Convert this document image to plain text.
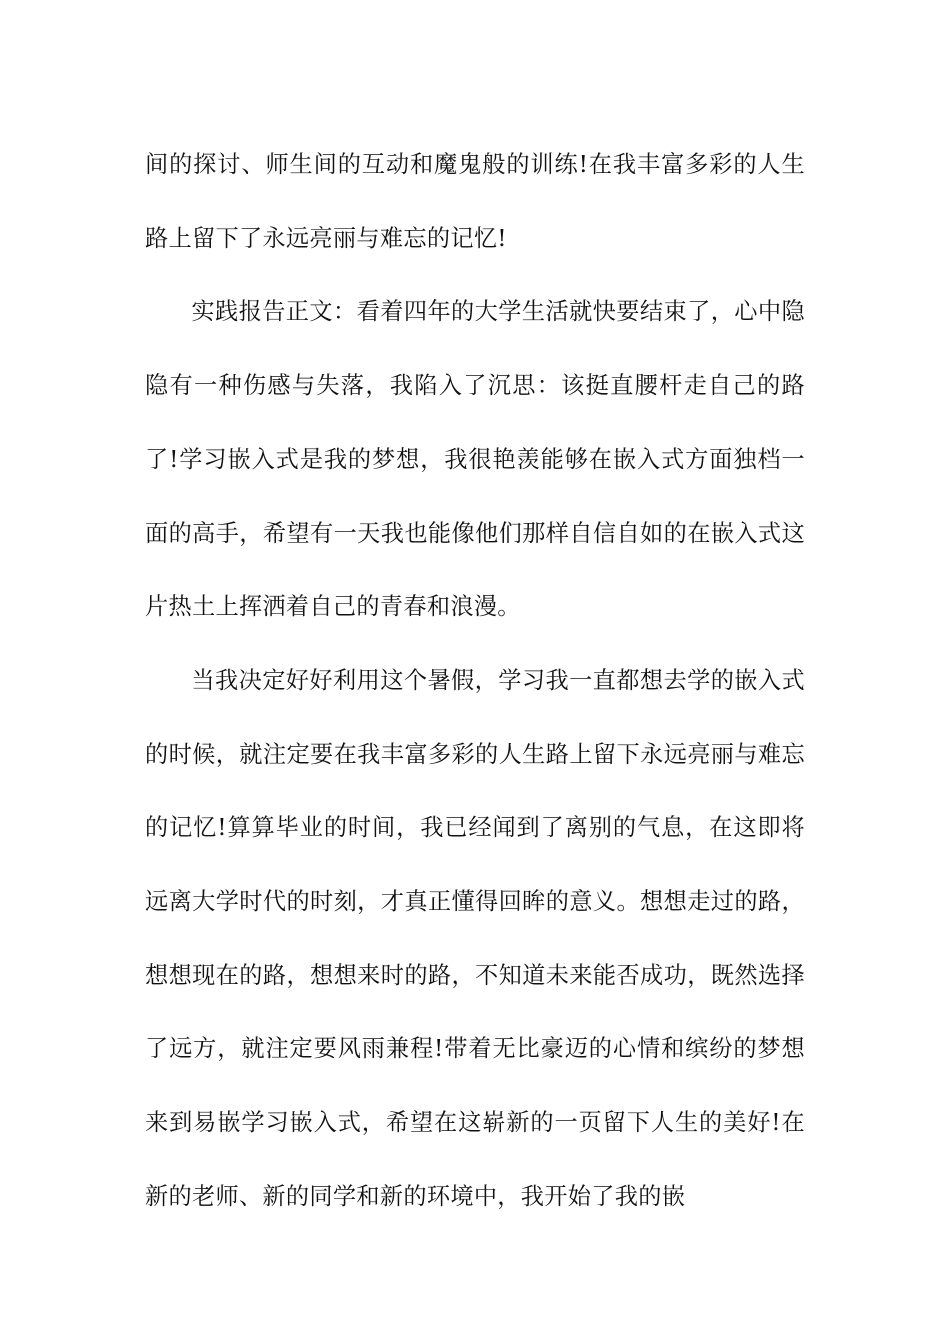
间的探讨、师生间的互动和魔鬼般的训练!在我丰富多彩的人生路上留下了永远亮丽与难忘的记忆!

实践报告正文：看着四年的大学生活就快要结束了，心中隐隐有一种伤感与失落，我陷入了沉思：该挺直腰杆走自己的路了!学习嵌入式是我的梦想，我很艳羡能够在嵌入式方面独档一面的高手，希望有一天我也能像他们那样自信自如的在嵌入式这片热土上挥洒着自己的青春和浪漫。

当我决定好好利用这个暑假，学习我一直都想去学的嵌入式的时候，就注定要在我丰富多彩的人生路上留下永远亮丽与难忘的记忆!算算毕业的时间，我已经闻到了离别的气息，在这即将远离大学时代的时刻，才真正懂得回眸的意义。想想走过的路，想想现在的路，想想来时的路，不知道未来能否成功，既然选择了远方，就注定要风雨兼程!带着无比豪迈的心情和缤纷的梦想来到易嵌学习嵌入式，希望在这崭新的一页留下人生的美好!在新的老师、新的同学和新的环境中，我开始了我的嵌
